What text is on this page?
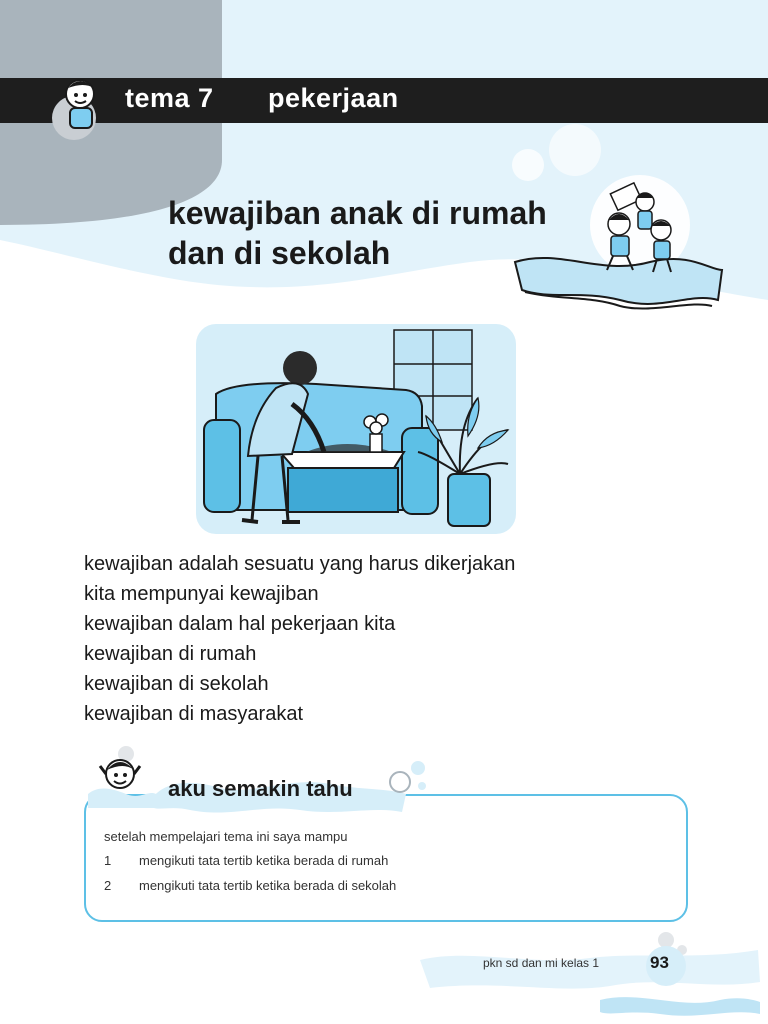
tema 7 pekerjaan
kewajiban anak di rumah
dan di sekolah
kewajiban adalah sesuatu yang harus dikerjakan
kita mempunyai kewajiban
kewajiban dalam hal pekerjaan kita
kewajiban di rumah
kewajiban di sekolah
kewajiban di masyarakat
aku semakin tahu
setelah mempelajari tema ini saya mampu
1 mengikuti tata tertib ketika berada di rumah
2 mengikuti tata tertib ketika berada di sekolah
pkn sd dan mi kelas 1	93
